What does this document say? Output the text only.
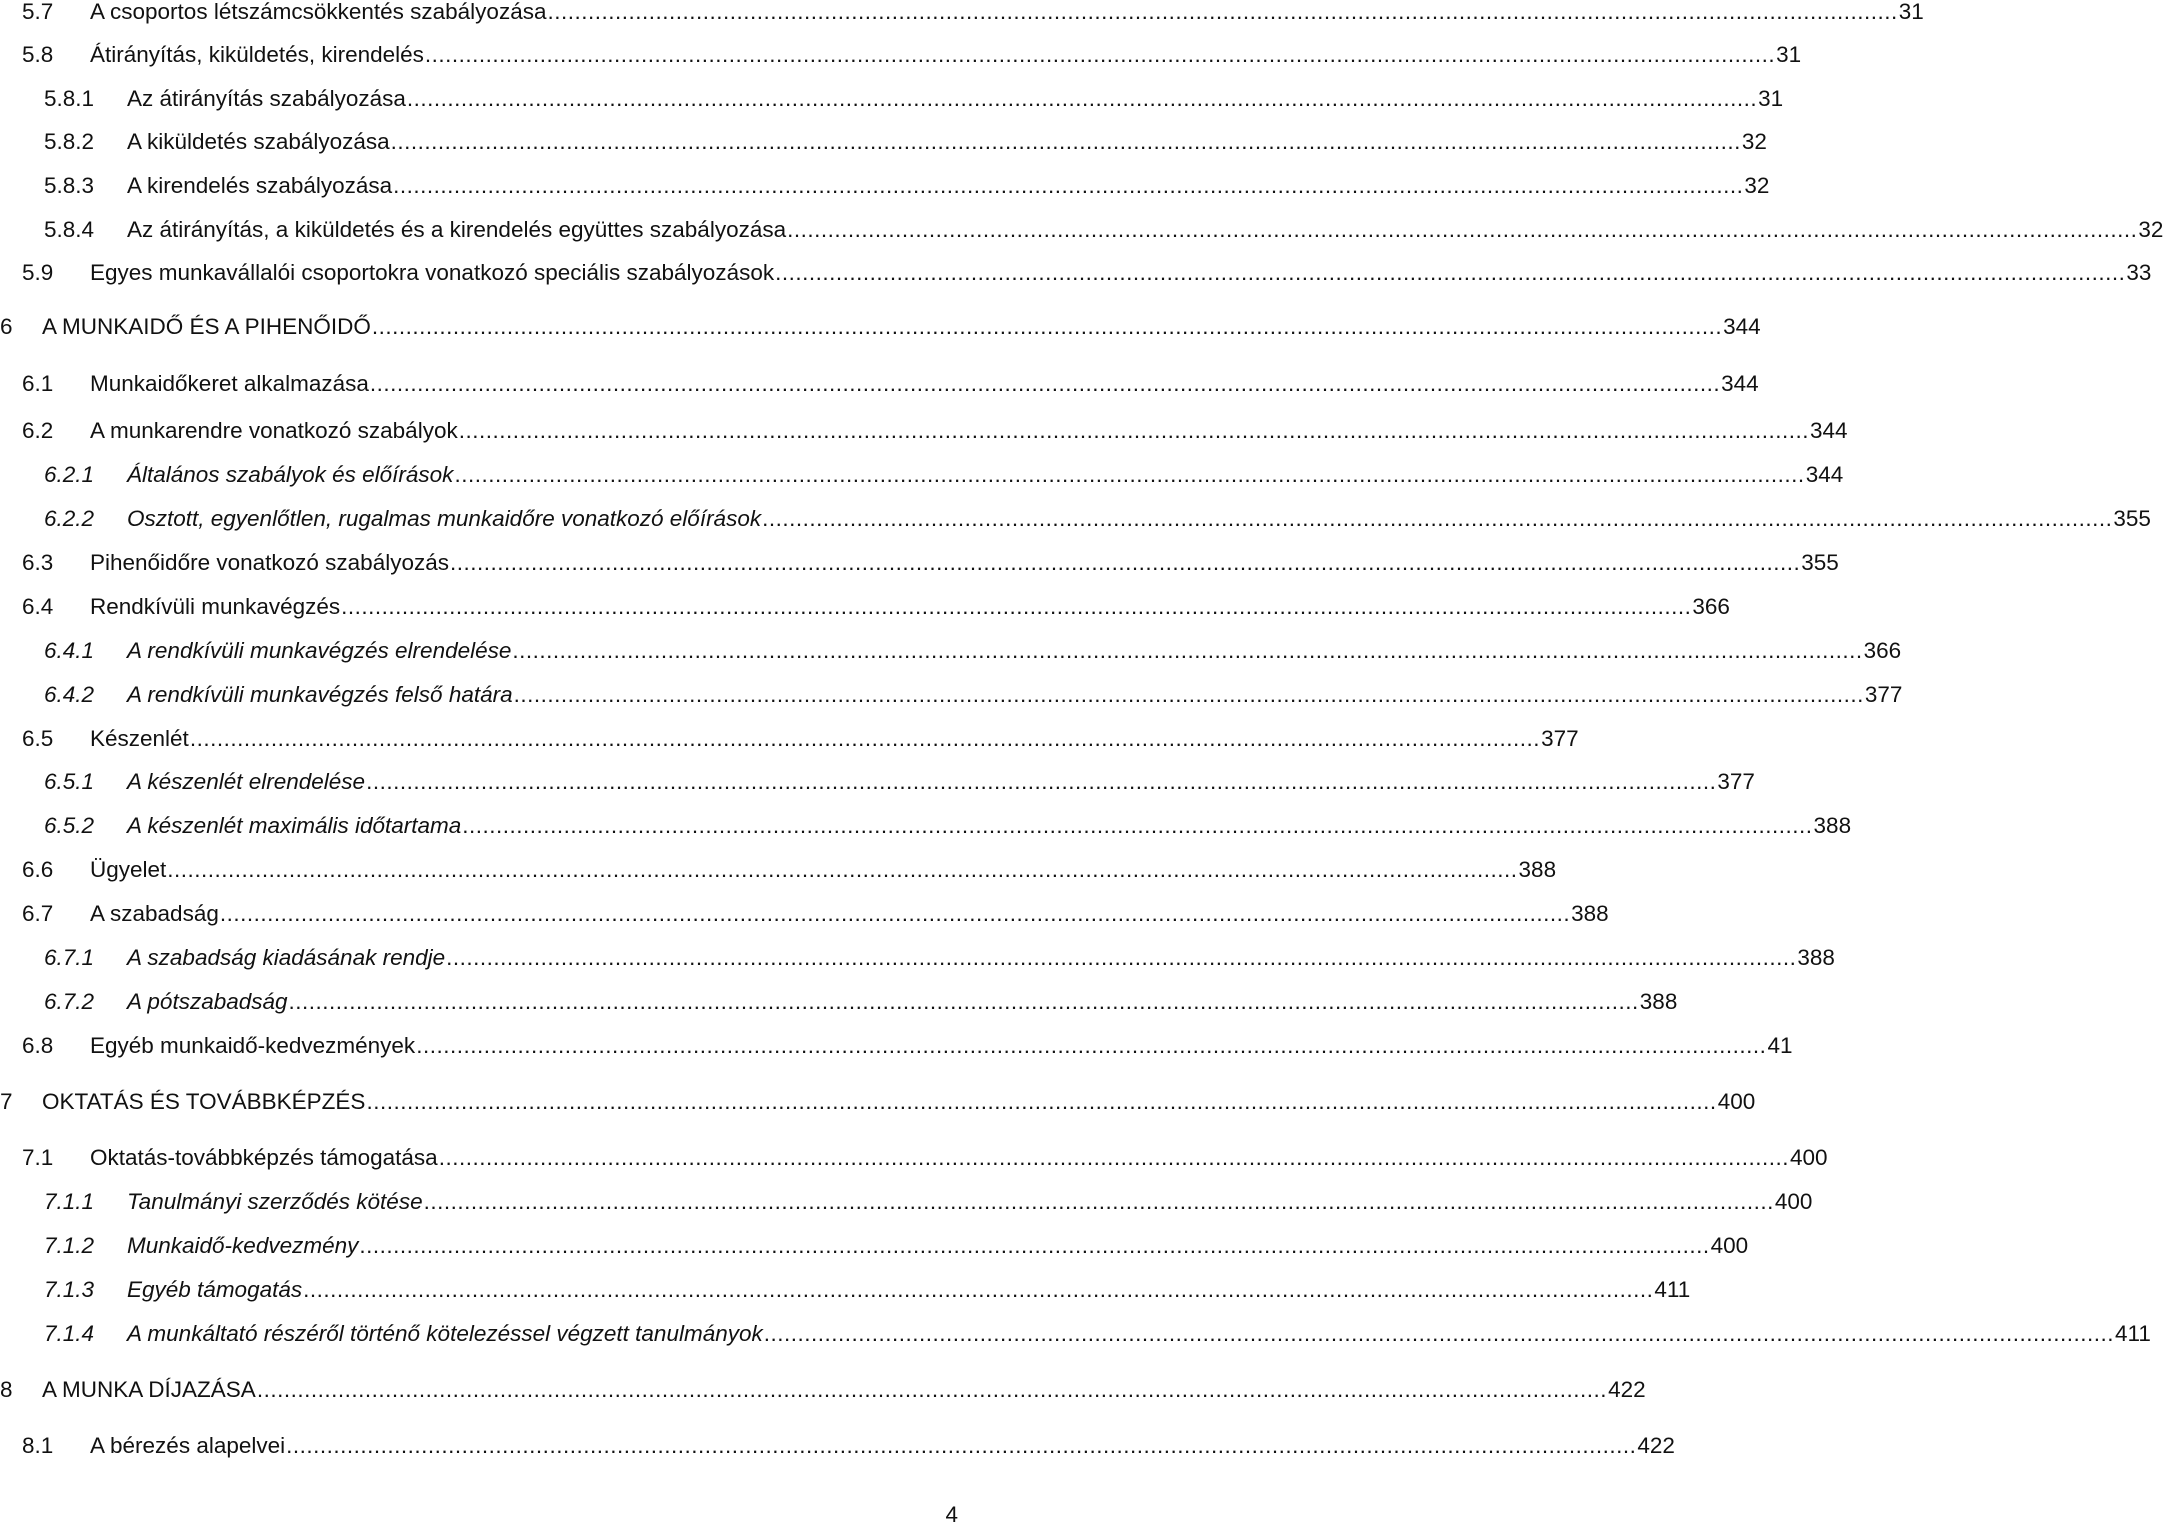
5.7 A csoportos létszámcsökkentés szabályozása ........................................................................................................................................................................................................ 31
5.8 Átirányítás, kiküldetés, kirendelés ........................................................................................................................................................................................................ 31
5.8.1 Az átirányítás szabályozása ........................................................................................................................................................................................................ 31
5.8.2 A kiküldetés szabályozása ........................................................................................................................................................................................................ 32
5.8.3 A kirendelés szabályozása ........................................................................................................................................................................................................ 32
5.8.4 Az átirányítás, a kiküldetés és a kirendelés együttes szabályozása ........................................................................................................................................................................................................ 32
5.9 Egyes munkavállalói csoportokra vonatkozó speciális szabályozások ........................................................................................................................................................................................................ 33
6 A MUNKAIDŐ ÉS A PIHENŐIDŐ ........................................................................................................................................................................................................ 344
6.1 Munkaidőkeret alkalmazása ........................................................................................................................................................................................................ 344
6.2 A munkarendre vonatkozó szabályok ........................................................................................................................................................................................................ 344
6.2.1 Általános szabályok és előírások ........................................................................................................................................................................................................ 344
6.2.2 Osztott, egyenlőtlen, rugalmas munkaidőre vonatkozó előírások ........................................................................................................................................................................................................ 355
6.3 Pihenőidőre vonatkozó szabályozás ........................................................................................................................................................................................................ 355
6.4 Rendkívüli munkavégzés ........................................................................................................................................................................................................ 366
6.4.1 A rendkívüli munkavégzés elrendelése ........................................................................................................................................................................................................ 366
6.4.2 A rendkívüli munkavégzés felső határa ........................................................................................................................................................................................................ 377
6.5 Készenlét ........................................................................................................................................................................................................ 377
6.5.1 A készenlét elrendelése ........................................................................................................................................................................................................ 377
6.5.2 A készenlét maximális időtartama ........................................................................................................................................................................................................ 388
6.6 Ügyelet ........................................................................................................................................................................................................ 388
6.7 A szabadság ........................................................................................................................................................................................................ 388
6.7.1 A szabadság kiadásának rendje ........................................................................................................................................................................................................ 388
6.7.2 A pótszabadság ........................................................................................................................................................................................................ 388
6.8 Egyéb munkaidő-kedvezmények ........................................................................................................................................................................................................ 41
7 OKTATÁS ÉS TOVÁBBKÉPZÉS ........................................................................................................................................................................................................ 400
7.1 Oktatás-továbbképzés támogatása ........................................................................................................................................................................................................ 400
7.1.1 Tanulmányi szerződés kötése ........................................................................................................................................................................................................ 400
7.1.2 Munkaidő-kedvezmény ........................................................................................................................................................................................................ 400
7.1.3 Egyéb támogatás ........................................................................................................................................................................................................ 411
7.1.4 A munkáltató részéről történő kötelezéssel végzett tanulmányok ........................................................................................................................................................................................................ 411
8 A MUNKA DÍJAZÁSA ........................................................................................................................................................................................................ 422
8.1 A bérezés alapelvei ........................................................................................................................................................................................................ 422
4
